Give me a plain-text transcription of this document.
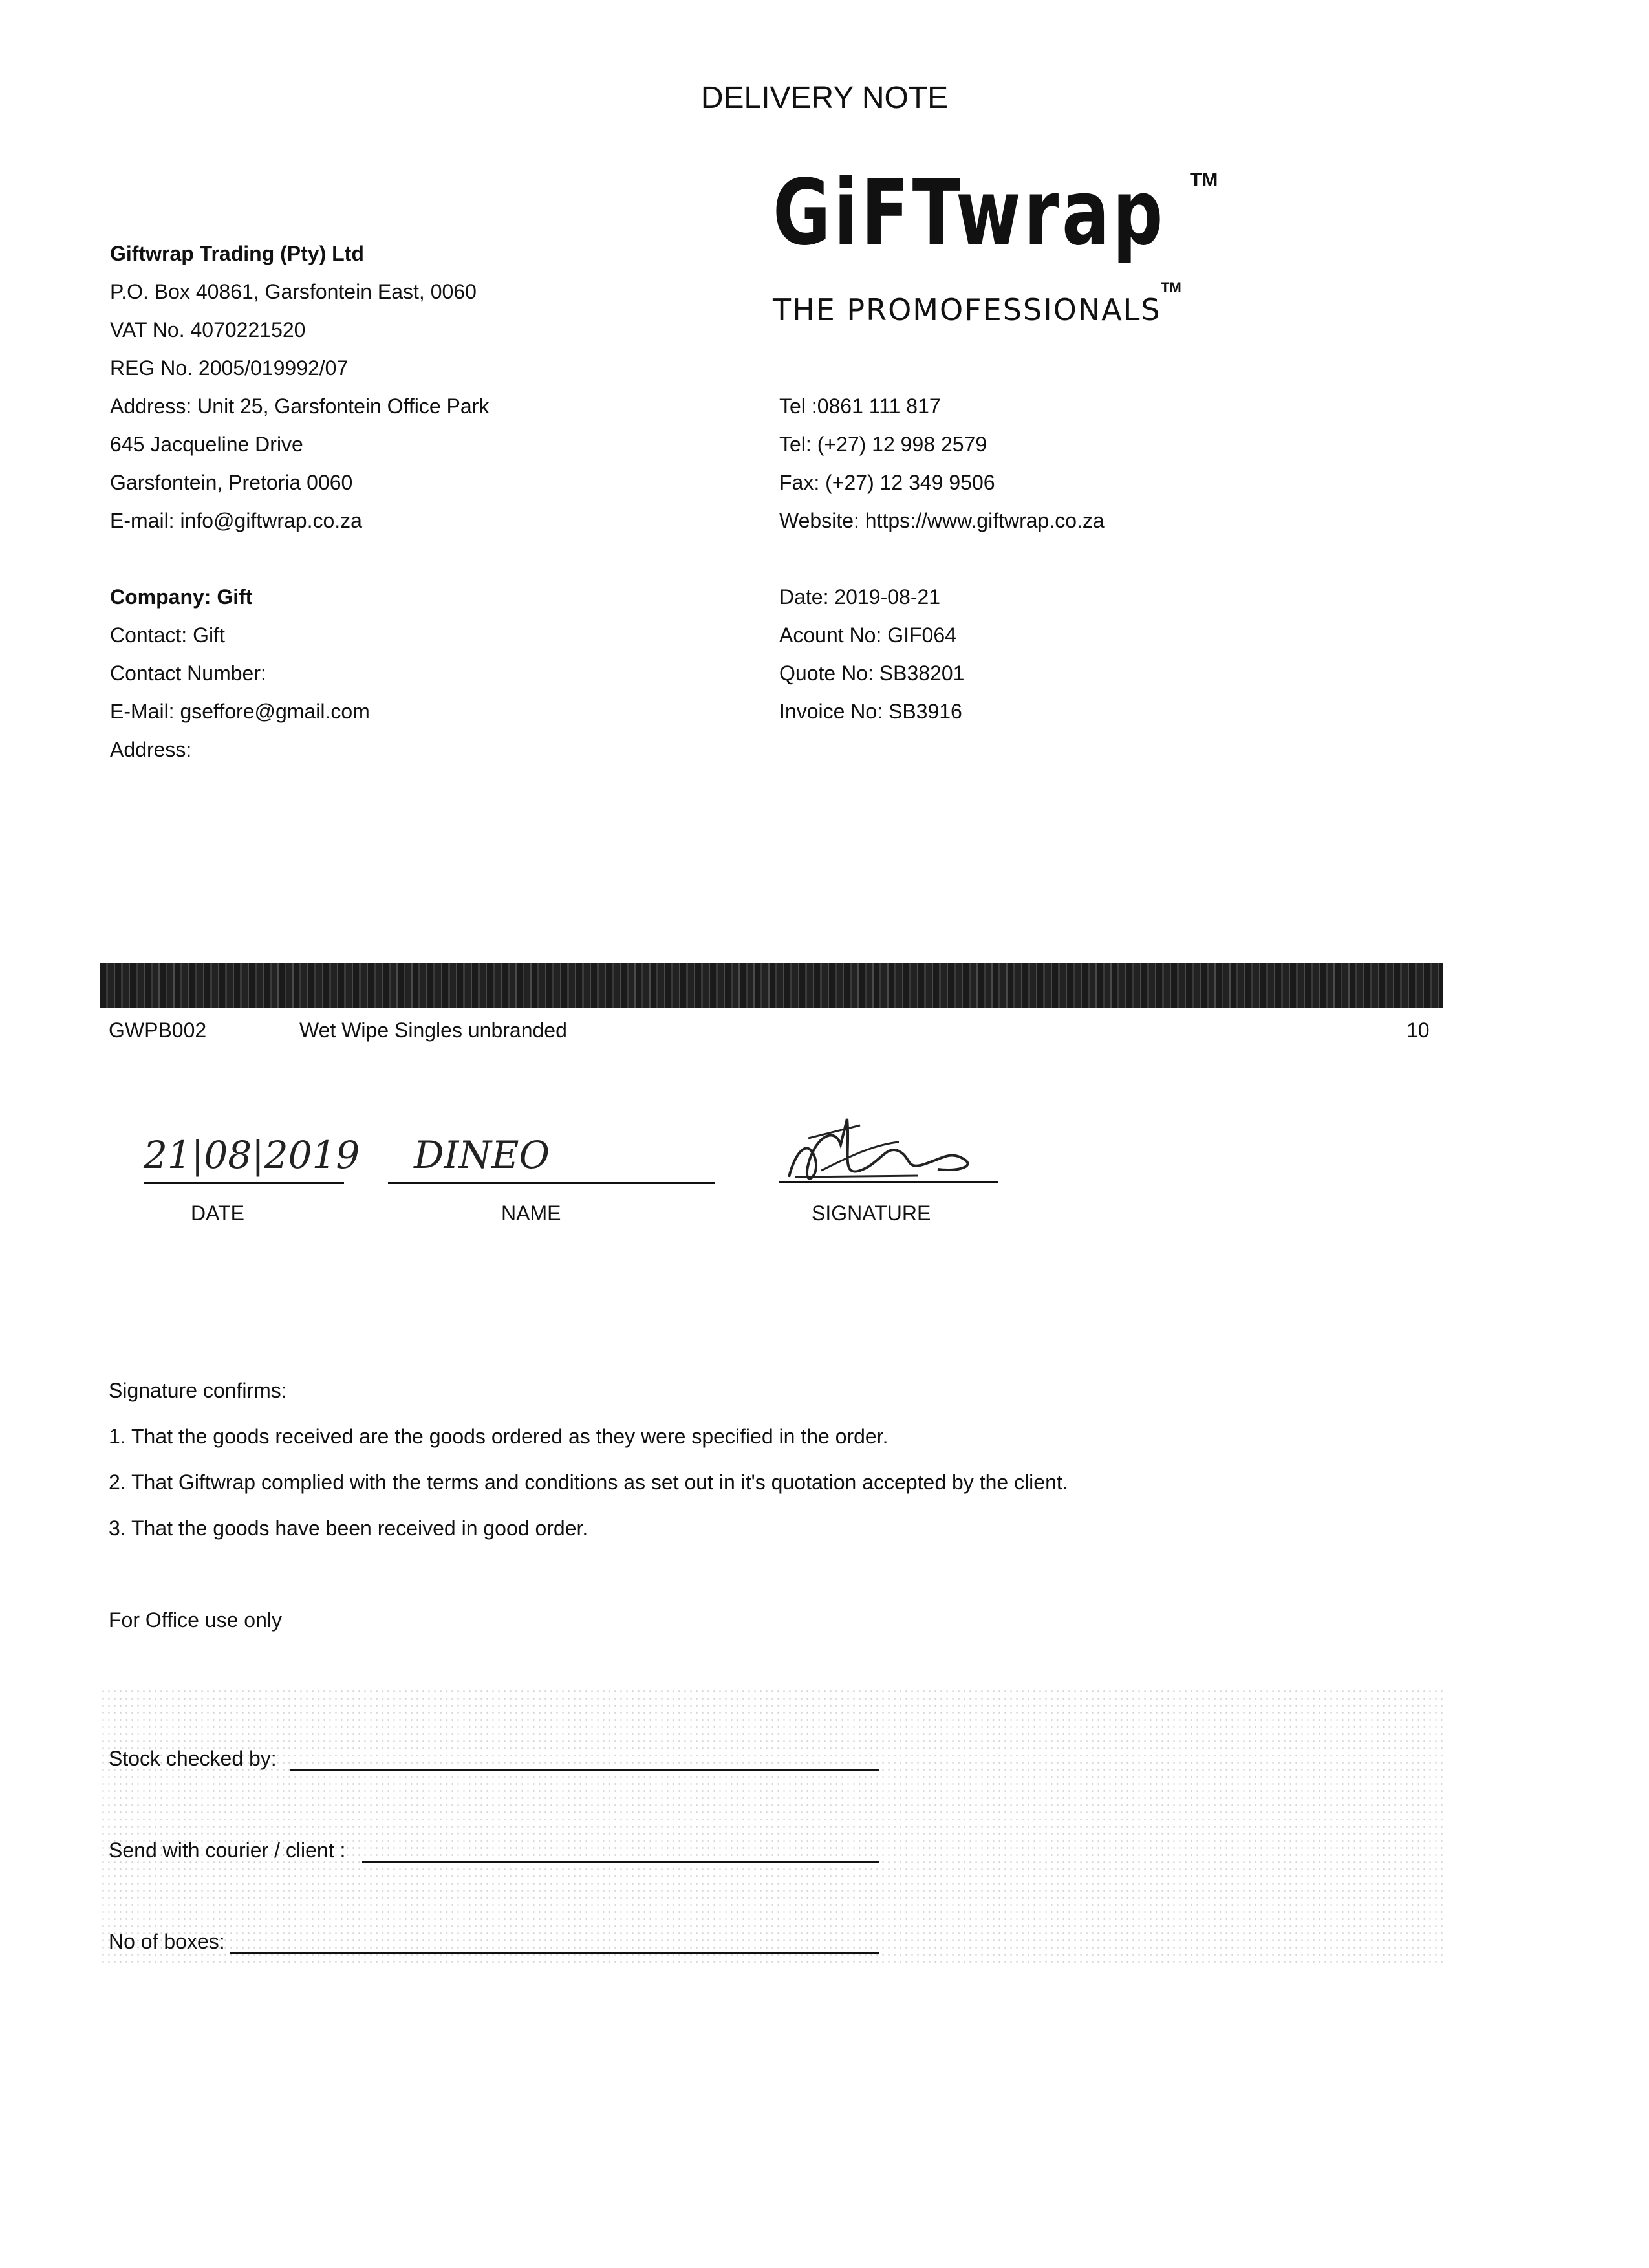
DELIVERY NOTE
GiFTwrap TM
THE PROMOFESSIONALS
TM
Giftwrap Trading (Pty) Ltd
P.O. Box 40861, Garsfontein East, 0060
VAT No. 4070221520
REG No. 2005/019992/07
Address: Unit 25, Garsfontein Office Park
645 Jacqueline Drive
Garsfontein, Pretoria 0060
E-mail: info@giftwrap.co.za
Tel :0861 111 817
Tel: (+27) 12 998 2579
Fax: (+27) 12 349 9506
Website: https://www.giftwrap.co.za
Company: Gift
Contact: Gift
Contact Number:
E-Mail: gseffore@gmail.com
Address:
Date: 2019-08-21
Acount No: GIF064
Quote No: SB38201
Invoice No: SB3916
GWPB002	Wet Wipe Singles unbranded	10
21|08|2019
DATE
DINEO
NAME	SIGNATURE
Signature confirms:
1. That the goods received are the goods ordered as they were specified in the order.
2. That Giftwrap complied with the terms and conditions as set out in it's quotation accepted by the client.
3. That the goods have been received in good order.
For Office use only
Stock checked by:
Send with courier / client :
No of boxes:
